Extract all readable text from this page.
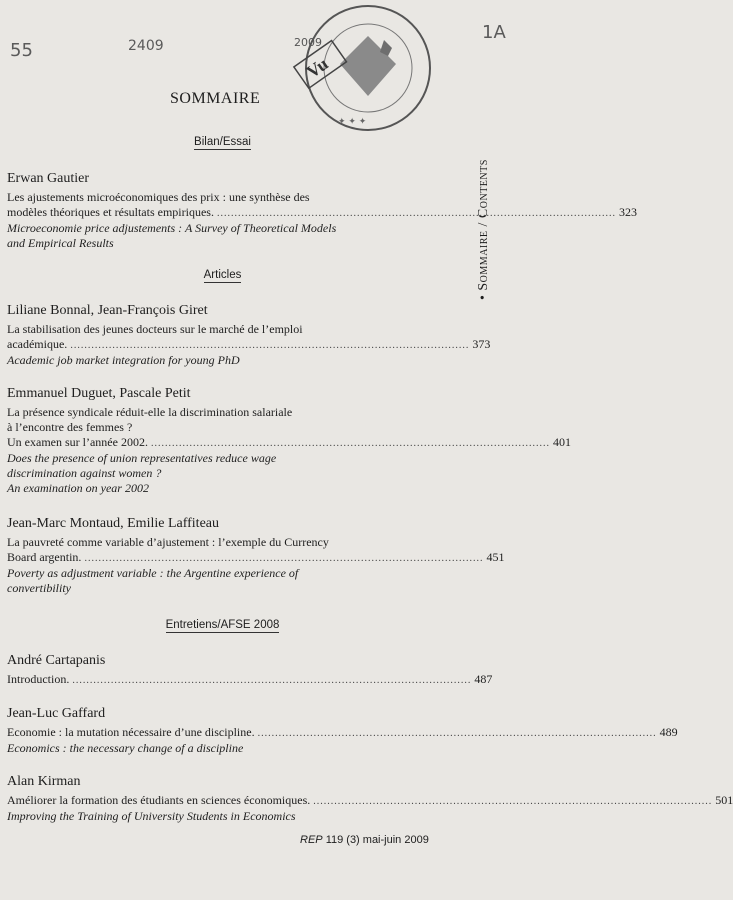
55	2409
1A
Vu
2009
✦ ✦ ✦
SOMMAIRE
Bilan/Essai
Erwan Gautier
Les ajustements microéconomiques des prix : une synthèse des
modèles théoriques et résultats empiriques. .................................................................................................................. 323
Microeconomie price adjustements : A Survey of Theoretical Models
and Empirical Results
Articles
Liliane Bonnal, Jean-François Giret
La stabilisation des jeunes docteurs sur le marché de l’emploi
académique. .................................................................................................................. 373
Academic job market integration for young PhD
Emmanuel Duguet, Pascale Petit
La présence syndicale réduit-elle la discrimination salariale
à l’encontre des femmes ?
Un examen sur l’année 2002. .................................................................................................................. 401
Does the presence of union representatives reduce wage
discrimination against women ?
An examination on year 2002
Jean-Marc Montaud, Emilie Laffiteau
La pauvreté comme variable d’ajustement : l’exemple du Currency
Board argentin. .................................................................................................................. 451
Poverty as adjustment variable : the Argentine experience of
convertibility
Entretiens/AFSE 2008
André Cartapanis
Introduction. .................................................................................................................. 487
Jean-Luc Gaffard
Economie : la mutation nécessaire d’une discipline. .................................................................................................................. 489
Economics : the necessary change of a discipline
Alan Kirman
Améliorer la formation des étudiants en sciences économiques. .................................................................................................................. 501
Improving the Training of University Students in Economics
REP 119 (3) mai-juin 2009
• Sommaire / Contents
